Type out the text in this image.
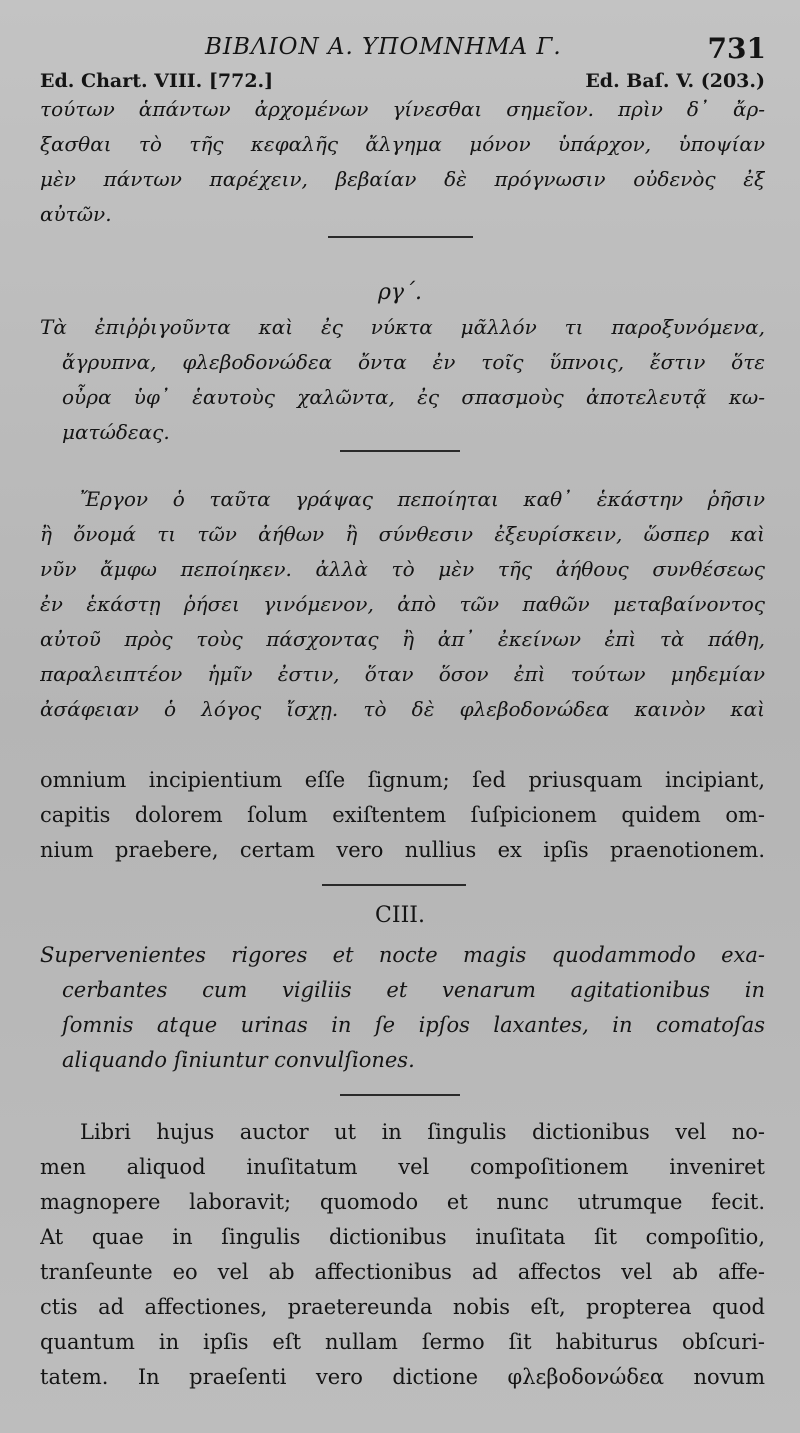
ΒΙΒΛΙΟΝ Α. ΥΠΟΜΝΗΜΑ Γ.	731
Ed. Chart. VIII. [772.]	Ed. Baſ. V. (203.)
τούτων ἁπάντων ἀρχομένων γίνεσθαι σημεῖον. πρὶν δ᾽ ἄρ-
ξασθαι τὸ τῆς κεφαλῆς ἄλγημα μόνον ὑπάρχον, ὑποψίαν
μὲν πάντων παρέχειν, βεβαίαν δὲ πρόγνωσιν οὐδενὸς ἐξ
αὐτῶν.
ργ΄.
Τὰ ἐπιῤῥιγοῦντα καὶ ἐς νύκτα μᾶλλόν τι παροξυνόμενα,
ἄγρυπνα, φλεβοδονώδεα ὄντα ἐν τοῖς ὕπνοις, ἔστιν ὅτε
οὖρα ὑφ᾽ ἑαυτοὺς χαλῶντα, ἐς σπασμοὺς ἀποτελευτᾷ κω-
ματώδεας.
Ἔργον ὁ ταῦτα γράψας πεποίηται καθ᾽ ἑκάστην ῥῆσιν
ἢ ὄνομά τι τῶν ἀήθων ἢ σύνθεσιν ἐξευρίσκειν, ὥσπερ καὶ
νῦν ἄμφω πεποίηκεν. ἀλλὰ τὸ μὲν τῆς ἀήθους συνθέσεως
ἐν ἑκάστῃ ῥήσει γινόμενον, ἀπὸ τῶν παθῶν μεταβαίνοντος
αὐτοῦ πρὸς τοὺς πάσχοντας ἢ ἀπ᾽ ἐκείνων ἐπὶ τὰ πάθη,
παραλειπτέον ἡμῖν ἐστιν, ὅταν ὅσον ἐπὶ τούτων μηδεμίαν
ἀσάφειαν ὁ λόγος ἴσχῃ. τὸ δὲ φλεβοδονώδεα καινὸν καὶ
omnium incipientium eſſe ſignum; ſed priusquam incipiant,
capitis dolorem ſolum exiſtentem ſuſpicionem quidem om-
nium praebere, certam vero nullius ex ipſis praenotionem.
CIII.
Supervenientes rigores et nocte magis quodammodo exa-
cerbantes cum vigiliis et venarum agitationibus in
ſomnis atque urinas in ſe ipſos laxantes, in comatoſas
aliquando ſiniuntur convulſiones.
Libri hujus auctor ut in ſingulis dictionibus vel no-
men aliquod inuſitatum vel compoſitionem inveniret
magnopere laboravit; quomodo et nunc utrumque fecit.
At quae in ſingulis dictionibus inuſitata ſit compoſitio,
tranſeunte eo vel ab affectionibus ad affectos vel ab affe-
ctis ad affectiones, praetereunda nobis eſt, propterea quod
quantum in ipſis eſt nullam ſermo ſit habiturus obſcuri-
tatem. In praeſenti vero dictione φλεβοδονώδεα novum
